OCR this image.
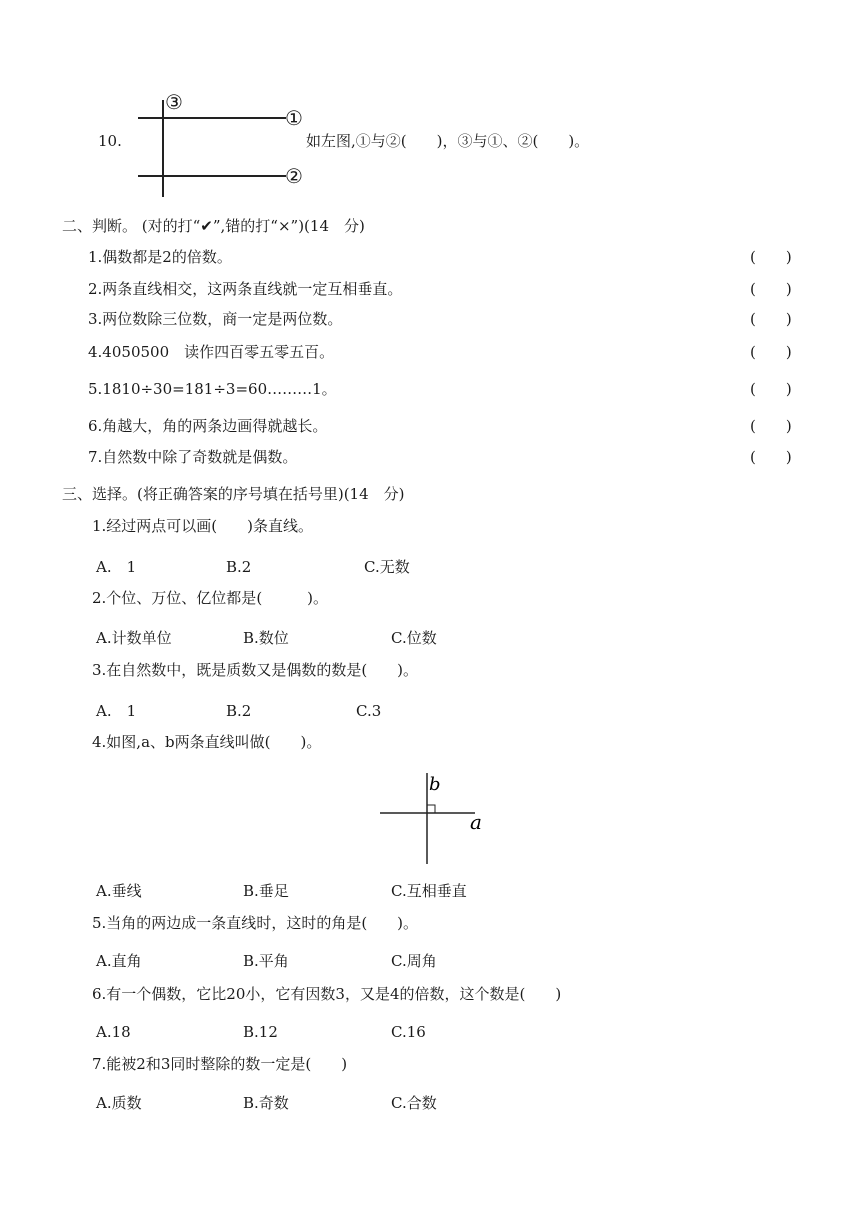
10.
③
①
②
如左图,①与②(　　)，③与①、②(　　)。
二、判断。 (对的打“✔”,错的打“×”)(14　分)
1.偶数都是2的倍数。	(　　)
2.两条直线相交，这两条直线就一定互相垂直。	(　　)
3.两位数除三位数，商一定是两位数。	(　　)
4.4050500　读作四百零五零五百。	(　　)
5.1810÷30=181÷3=60………1。	(　　)
6.角越大，角的两条边画得就越长。	(　　)
7.自然数中除了奇数就是偶数。	(　　)
三、选择。(将正确答案的序号填在括号里)(14　分)
1.经过两点可以画(　　)条直线。
A.　1	B.2	C.无数
2.个位、万位、亿位都是(　　　)。
A.计数单位	B.数位	C.位数
3.在自然数中，既是质数又是偶数的数是(　　)。
A.　1	B.2	C.3
4.如图,a、b两条直线叫做(　　)。
b
a
A.垂线	B.垂足	C.互相垂直
5.当角的两边成一条直线时，这时的角是(　　)。
A.直角	B.平角	C.周角
6.有一个偶数，它比20小，它有因数3，又是4的倍数，这个数是(　　)
A.18	B.12	C.16
7.能被2和3同时整除的数一定是(　　)
A.质数	B.奇数	C.合数
